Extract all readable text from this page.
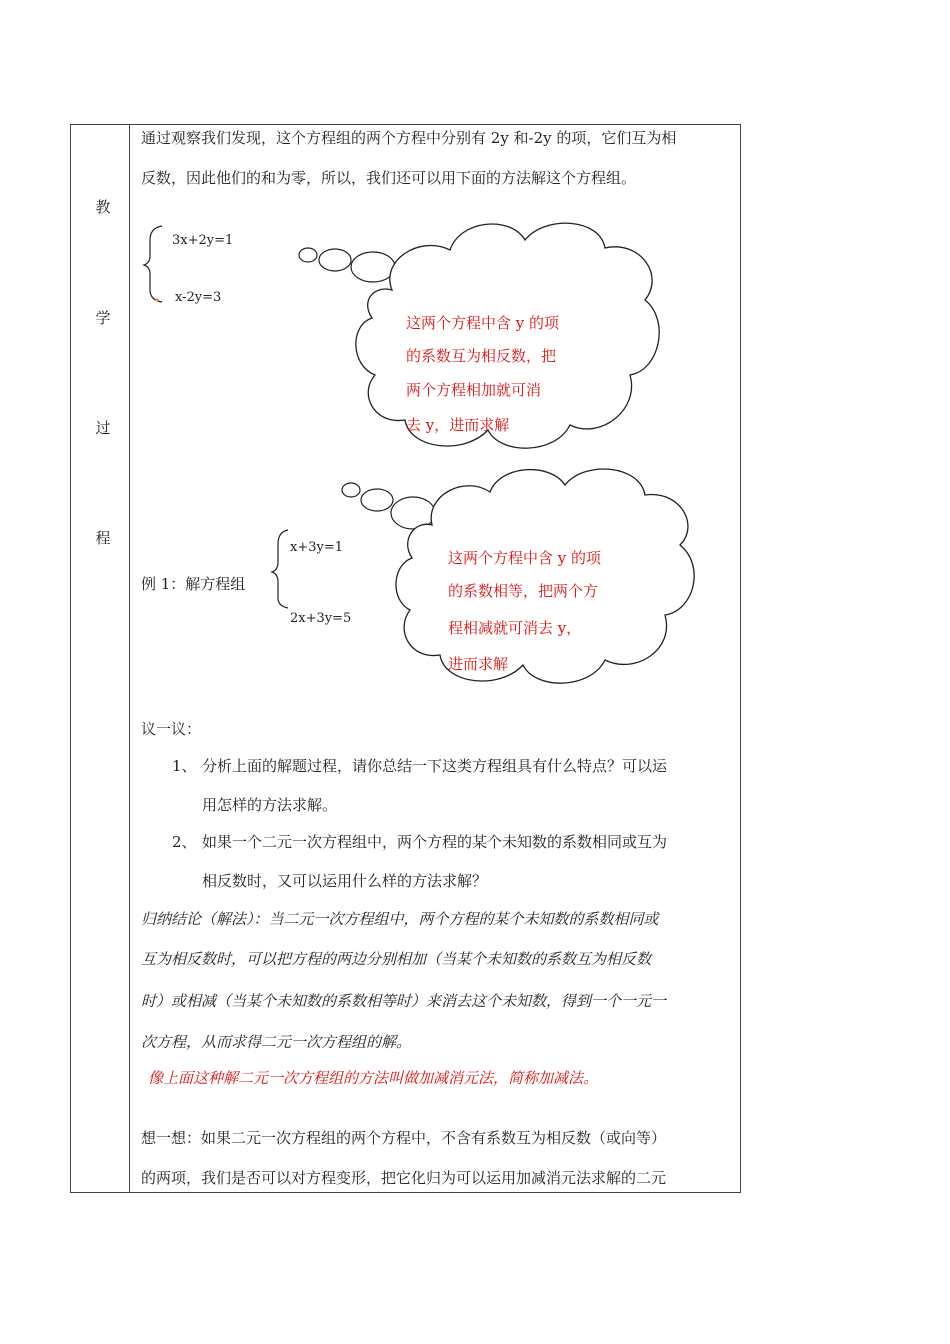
教
学
过
程
通过观察我们发现，这个方程组的两个方程中分别有 2y 和-2y 的项，它们互为相
反数，因此他们的和为零，所以，我们还可以用下面的方法解这个方程组。
3x+2y=1
x-2y=3
这两个方程中含 y 的项
的系数互为相反数，把
两个方程相加就可消
去 y，进而求解
例 1：解方程组
x+3y=1
2x+3y=5
这两个方程中含 y 的项
的系数相等，把两个方
程相减就可消去 y，
进而求解
议一议：
1、 分析上面的解题过程，请你总结一下这类方程组具有什么特点？可以运
用怎样的方法求解。
2、 如果一个二元一次方程组中，两个方程的某个未知数的系数相同或互为
相反数时，又可以运用什么样的方法求解？
归纳结论（解法）：当二元一次方程组中，两个方程的某个未知数的系数相同或
互为相反数时，可以把方程的两边分别相加（当某个未知数的系数互为相反数
时）或相减（当某个未知数的系数相等时）来消去这个未知数，得到一个一元一
次方程，从而求得二元一次方程组的解。
像上面这种解二元一次方程组的方法叫做加减消元法，简称加减法。
想一想：如果二元一次方程组的两个方程中，不含有系数互为相反数（或向等）
的两项，我们是否可以对方程变形，把它化归为可以运用加减消元法求解的二元
